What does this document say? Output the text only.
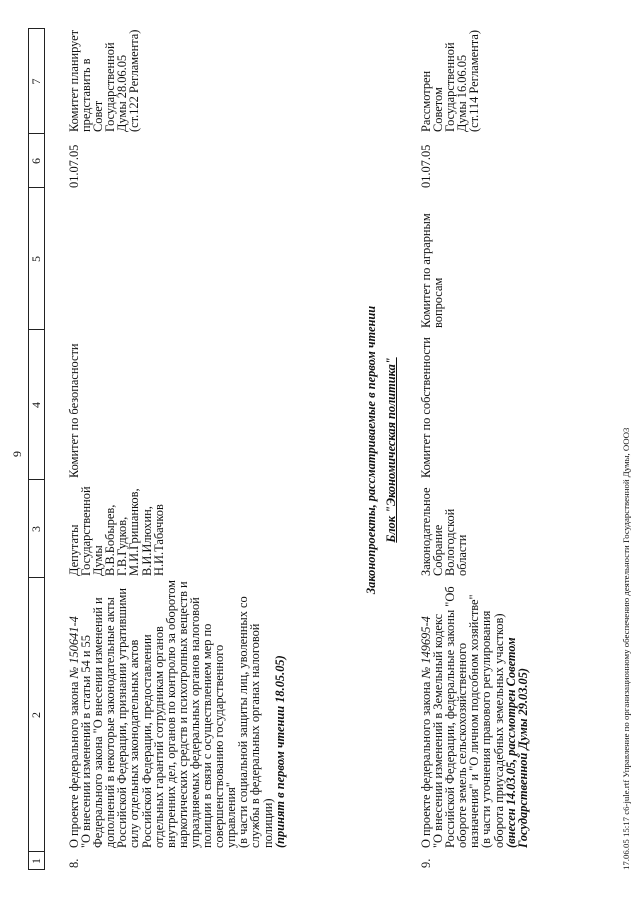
9
1
2
3
4
5
6
7
8.
О проекте федерального закона № 150641-4
"О внесении изменений в статьи 54 и 55 Федерального закона "О внесении изменений и дополнений в некоторые законодательные акты Российской Федерации, признании утратившими силу отдельных законодательных актов Российской Федерации, предоставлении отдельных гарантий сотрудникам органов внутренних дел, органов по контролю за оборотом наркотических средств и психотропных веществ и упраздняемых федеральных органов налоговой полиции в связи с осуществлением мер по совершенствованию государственного управления"
(в части социальной защиты лиц, уволенных со службы в федеральных органах налоговой полиции)
(принят в первом чтении 18.05.05)
Депутаты Государственной Думы
В.В.Бобырев,
Г.В.Гудков,
М.И.Гришанков,
В.И.Илюхин,
Н.И.Табачков
Комитет по безопасности
01.07.05
Комитет планирует представить в Совет Государственной Думы 28.06.05
(ст.122 Регламента)
Законопроекты, рассматриваемые в первом чтении Блок "Экономическая политика"
9.
О проекте федерального закона № 149695-4
"О внесении изменений в Земельный кодекс Российской Федерации, федеральные законы "Об обороте земель сельскохозяйственного назначения" и "О личном подсобном хозяйстве"
(в части уточнения правового регулирования оборота приусадебных земельных участков)
(внесен 14.03.05, рассмотрен Советом Государственной Думы 29.03.05)
Законодательное Собрание Вологодской области
Комитет по собственности
Комитет по аграрным вопросам
01.07.05
Рассмотрен Советом Государственной Думы 16.06.05
(ст.114 Регламента)
17.06.05 15:17 c6-jule.rtf Управление по организационному обеспечению деятельности Государственной Думы, ООО3
